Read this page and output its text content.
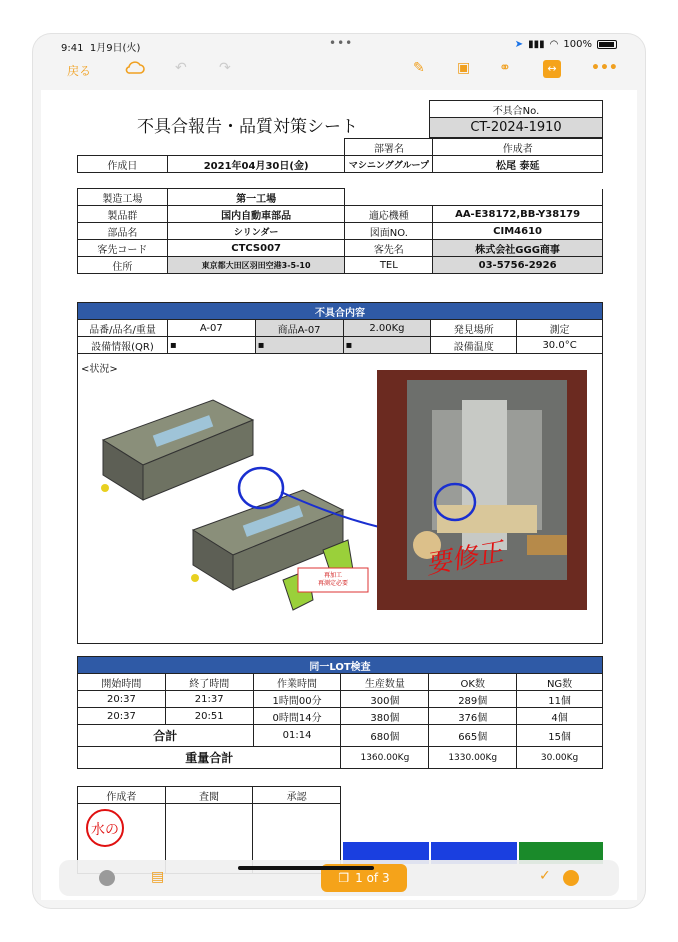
9:41 1月9日(火)	•••	➤ ▮▮▮ ◠ 100%
戻る	↶ ↷	✎ ▣ ⚭	↔	•••
不具合報告・品質対策シート
不具合No.
CT-2024-1910
		部署名	作成者
作成日	2021年04月30日(金)	マシニンググループ	松尾 泰延
製造工場	第一工場		
製品群	国内自動車部品	適応機種	AA-E38172,BB-Y38179
部品名	シリンダー	図面NO.	CIM4610
客先コード	CTCS007	客先名	株式会社GGG商事
住所	東京都大田区羽田空港3-5-10	TEL	03-5756-2926
不具合内容					
品番/品名/重量	A-07	商品A-07	2.00Kg	発見場所	測定
設備情報(QR)	▪	▪	▪	設備温度	30.0°C
<状況>
再加工
再測定必要
要修正
同一LOT検査					
開始時間	終了時間	作業時間	生産数量	OK数	NG数
20:37	21:37	1時間00分	300個	289個	11個
20:37	20:51	0時間14分	380個	376個	4個
合計		01:14	680個	665個	15個
重量合計			1360.00Kg	1330.00Kg	30.00Kg
作成者	査閲	承認

水の
▤	❐ 1 of 3	✓
